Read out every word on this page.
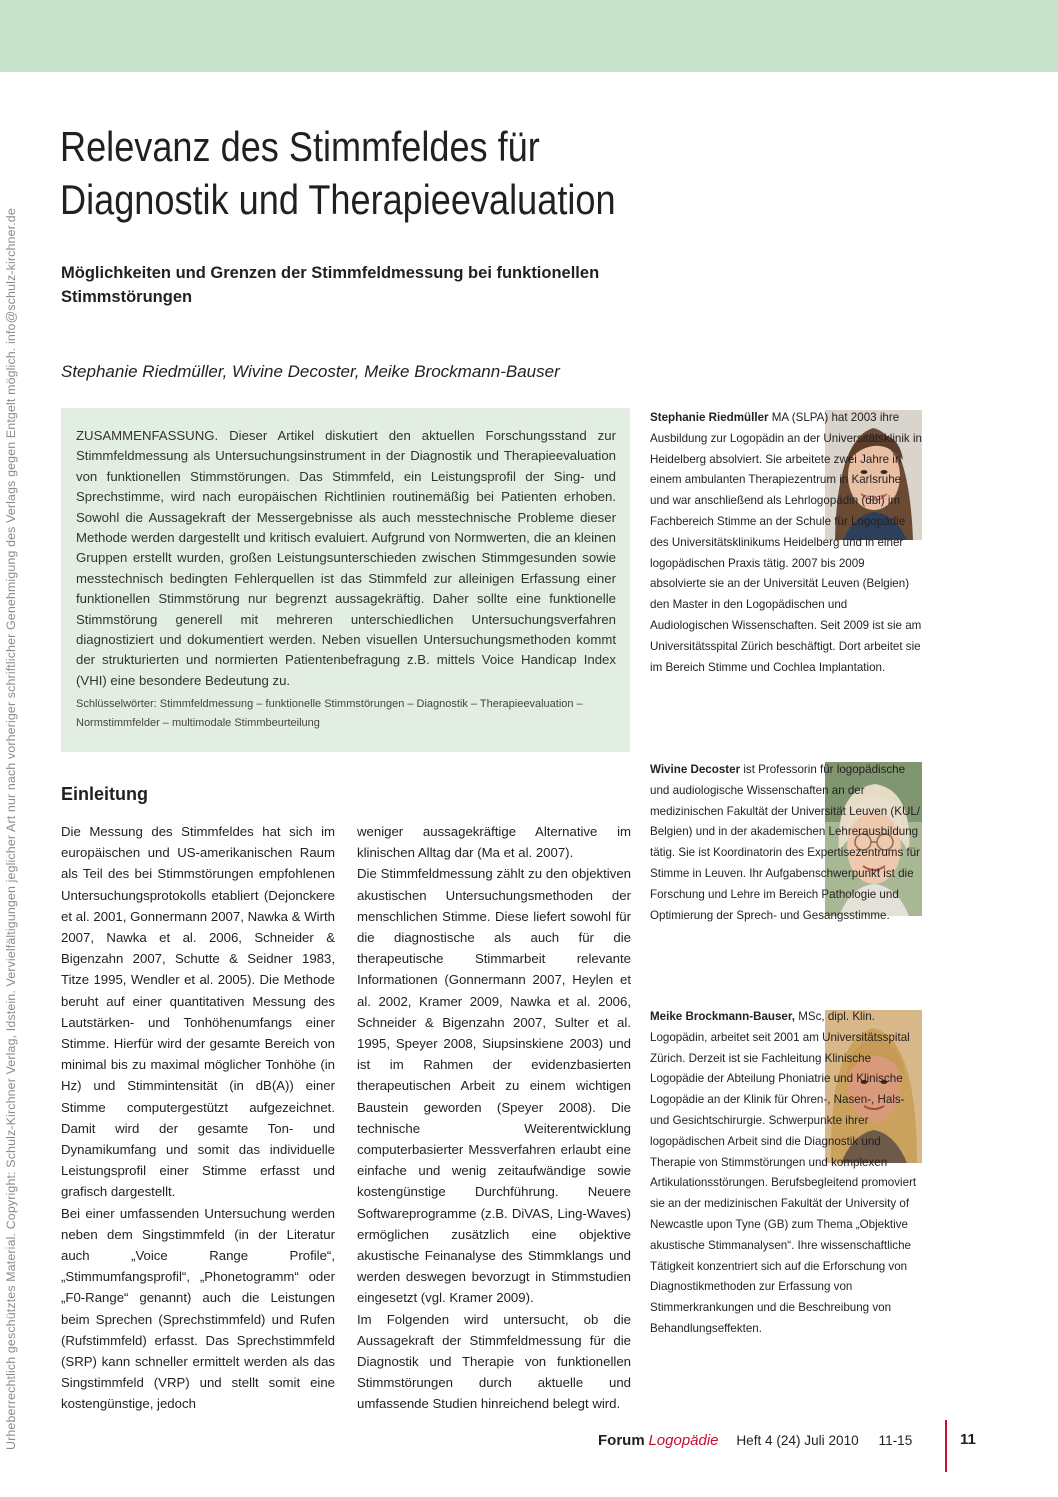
Urheberrechtlich geschütztes Material. Copyright: Schulz-Kirchner Verlag, Idstein. Vervielfältigungen jeglicher Art nur nach vorheriger schriftlicher Genehmigung des Verlags gegen Entgelt möglich. info@schulz-kirchner.de
Relevanz des Stimmfeldes für
Diagnostik und Therapieevaluation
Möglichkeiten und Grenzen der Stimmfeldmessung bei funktionellen Stimmstörungen

Stephanie Riedmüller, Wivine Decoster, Meike Brockmann-Bauser

ZUSAMMENFASSUNG. Dieser Artikel diskutiert den aktuellen Forschungsstand zur Stimmfeldmessung als Untersuchungsinstrument in der Diagnostik und Therapieevaluation von funktionellen Stimmstörungen. Das Stimmfeld, ein Leistungsprofil der Sing- und Sprechstimme, wird nach europäischen Richtlinien routinemäßig bei Patienten erhoben. Sowohl die Aussagekraft der Messergebnisse als auch messtechnische Probleme dieser Methode werden dargestellt und kritisch evaluiert. Aufgrund von Normwerten, die an kleinen Gruppen erstellt wurden, großen Leistungsunterschieden zwischen Stimmgesunden sowie messtechnisch bedingten Fehlerquellen ist das Stimmfeld zur alleinigen Erfassung einer funktionellen Stimmstörung nur begrenzt aussagekräftig. Daher sollte eine funktionelle Stimmstörung generell mit mehreren unterschiedlichen Untersuchungsverfahren diagnostiziert und dokumentiert werden. Neben visuellen Untersuchungsmethoden kommt der strukturierten und normierten Patientenbefragung z.B. mittels Voice Handicap Index (VHI) eine besondere Bedeutung zu.

Schlüsselwörter: Stimmfeldmessung – funktionelle Stimmstörungen – Diagnostik – Therapieevaluation – Normstimmfelder – multimodale Stimmbeurteilung

Einleitung

Die Messung des Stimmfeldes hat sich im europäischen und US-amerikanischen Raum als Teil des bei Stimmstörungen empfohlenen Untersuchungsprotokolls etabliert (Dejonckere et al. 2001, Gonnermann 2007, Nawka & Wirth 2007, Nawka et al. 2006, Schneider & Bigenzahn 2007, Schutte & Seidner 1983, Titze 1995, Wendler et al. 2005). Die Methode beruht auf einer quantitativen Messung des Lautstärken- und Tonhöhenumfangs einer Stimme. Hierfür wird der gesamte Bereich von minimal bis zu maximal möglicher Tonhöhe (in Hz) und Stimmintensität (in dB(A)) einer Stimme computergestützt aufgezeichnet. Damit wird der gesamte Ton- und Dynamikumfang und somit das individuelle Leistungsprofil einer Stimme erfasst und grafisch dargestellt.

Bei einer umfassenden Untersuchung werden neben dem Singstimmfeld (in der Literatur auch „Voice Range Profile“, „Stimmumfangsprofil“, „Phonetogramm“ oder „F0-Range“ genannt) auch die Leistungen beim Sprechen (Sprechstimmfeld) und Rufen (Rufstimmfeld) erfasst. Das Sprechstimmfeld (SRP) kann schneller ermittelt werden als das Singstimmfeld (VRP) und stellt somit eine kostengünstige, jedoch

weniger aussagekräftige Alternative im klinischen Alltag dar (Ma et al. 2007).

Die Stimmfeldmessung zählt zu den objektiven akustischen Untersuchungsmethoden der menschlichen Stimme. Diese liefert sowohl für die diagnostische als auch für die therapeutische Stimmarbeit relevante Informationen (Gonnermann 2007, Heylen et al. 2002, Kramer 2009, Nawka et al. 2006, Schneider & Bigenzahn 2007, Sulter et al. 1995, Speyer 2008, Siupsinskiene 2003) und ist im Rahmen der evidenzbasierten therapeutischen Arbeit zu einem wichtigen Baustein geworden (Speyer 2008). Die technische Weiterentwicklung computerbasierter Messverfahren erlaubt eine einfache und wenig zeitaufwändige sowie kostengünstige Durchführung. Neuere Softwareprogramme (z.B. DiVAS, Ling-Waves) ermöglichen zusätzlich eine objektive akustische Feinanalyse des Stimmklangs und werden deswegen bevorzugt in Stimmstudien eingesetzt (vgl. Kramer 2009).

Im Folgenden wird untersucht, ob die Aussagekraft der Stimmfeldmessung für die Diagnostik und Therapie von funktionellen Stimmstörungen durch aktuelle und umfassende Studien hinreichend belegt wird.

Stephanie Riedmüller MA (SLPA) hat 2003 ihre Ausbildung zur Logopädin an der Universitätsklinik in Heidelberg absolviert. Sie arbeitete zwei Jahre in einem ambulanten Therapiezentrum in Karlsruhe und war anschließend als Lehrlogopädin (dbl) im Fachbereich Stimme an der Schule für Logopädie des Universitätsklinikums Heidelberg und in einer logopädischen Praxis tätig. 2007 bis 2009 absolvierte sie an der Universität Leuven (Belgien) den Master in den Logopädischen und Audiologischen Wissenschaften. Seit 2009 ist sie am Universitätsspital Zürich beschäftigt. Dort arbeitet sie im Bereich Stimme und Cochlea Implantation.

Wivine Decoster ist Professorin für logopädische und audiologische Wissenschaften an der medizinischen Fakultät der Universität Leuven (KUL/ Belgien) und in der akademischen Lehrerausbildung tätig. Sie ist Koordinatorin des Expertisezentrums für Stimme in Leuven. Ihr Aufgabenschwerpunkt ist die Forschung und Lehre im Bereich Pathologie und Optimierung der Sprech- und Gesangsstimme.

Meike Brockmann-Bauser, MSc, dipl. Klin. Logopädin, arbeitet seit 2001 am Universitätsspital Zürich. Derzeit ist sie Fachleitung Klinische Logopädie der Abteilung Phoniatrie und Klinische Logopädie an der Klinik für Ohren-, Nasen-, Hals- und Gesichtschirurgie. Schwerpunkte ihrer logopädischen Arbeit sind die Diagnostik und Therapie von Stimmstörungen und komplexen Artikulationsstörungen. Berufsbegleitend promoviert sie an der medizinischen Fakultät der University of Newcastle upon Tyne (GB) zum Thema „Objektive akustische Stimmanalysen“. Ihre wissenschaftliche Tätigkeit konzentriert sich auf die Erforschung von Diagnostikmethoden zur Erfassung von Stimmerkrankungen und die Beschreibung von Behandlungseffekten.

Forum Logopädie Heft 4 (24) Juli 2010 11-15	11
